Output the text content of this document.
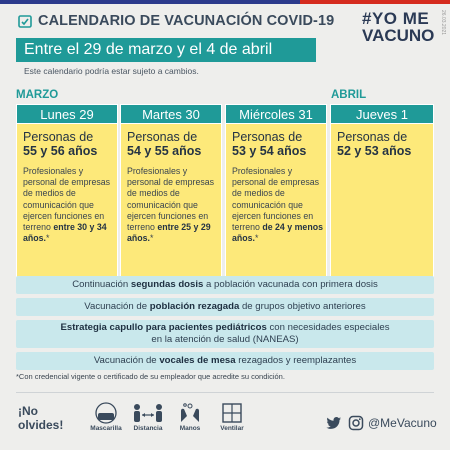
CALENDARIO DE VACUNACIÓN COVID-19
Entre el 29 de marzo y el 4 de abril
Este calendario podría estar sujeto a cambios.
#YO ME
VACUNO
26.03.2021
MARZO	ABRIL
Lunes 29
Personas de
55 y 56 años
Profesionales y personal de empresas de medios de comunicación que ejercen funciones en terreno entre 30 y 34 años.*
Martes 30
Personas de
54 y 55 años
Profesionales y personal de empresas de medios de comunicación que ejercen funciones en terreno entre 25 y 29 años.*
Miércoles 31
Personas de
53 y 54 años
Profesionales y personal de empresas de medios de comunicación que ejercen funciones en terreno de 24 y menos años.*
Jueves 1
Personas de
52 y 53 años
Continuación segundas dosis a población vacunada con primera dosis
Vacunación de población rezagada de grupos objetivo anteriores
Estrategia capullo para pacientes pediátricos con necesidades especiales
en la atención de salud (NANEAS)
Vacunación de vocales de mesa rezagados y reemplazantes
*Con credencial vigente o certificado de su empleador que acredite su condición.
¡No
olvides!	Mascarilla	Distancia	Manos	Ventilar	@MeVacuno
